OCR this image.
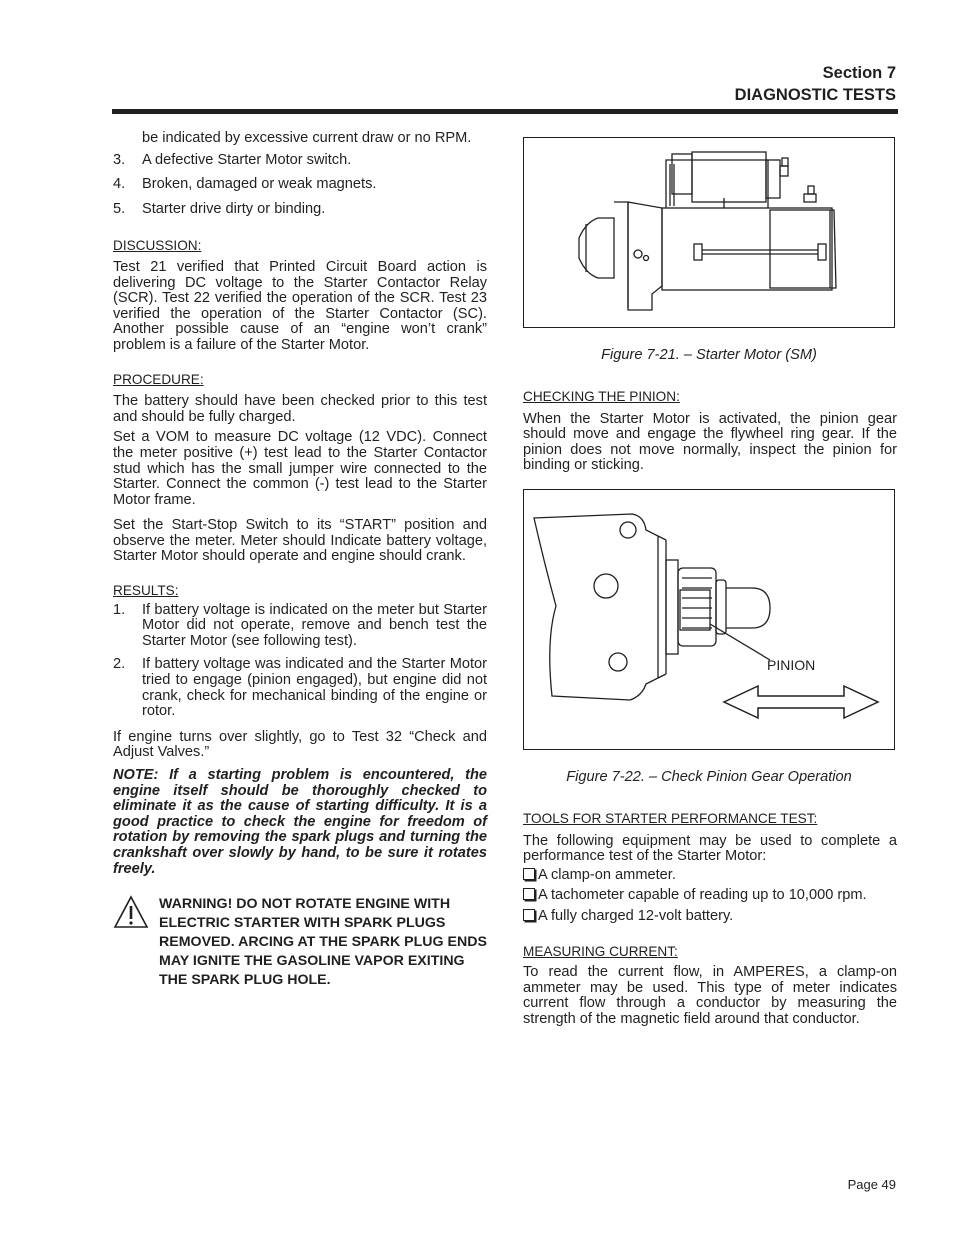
Section 7
DIAGNOSTIC TESTS

be indicated by excessive current draw or no RPM.

3. A defective Starter Motor switch.
4. Broken, damaged or weak magnets.
5. Starter drive dirty or binding.
DISCUSSION:

Test 21 verified that Printed Circuit Board action is delivering DC voltage to the Starter Contactor Relay (SCR). Test 22 verified the operation of the SCR. Test 23 verified the operation of the Starter Contactor (SC). Another possible cause of an “engine won’t crank” problem is a failure of the Starter Motor.

PROCEDURE:

The battery should have been checked prior to this test and should be fully charged.

Set a VOM to measure DC voltage (12 VDC). Connect the meter positive (+) test lead to the Starter Contactor stud which has the small jumper wire connected to the Starter. Connect the common (-) test lead to the Starter Motor frame.

Set the Start-Stop Switch to its “START” position and observe the meter. Meter should Indicate battery voltage, Starter Motor should operate and engine should crank.

RESULTS:
1. If battery voltage is indicated on the meter but Starter Motor did not operate, remove and bench test the Starter Motor (see following test).

2. If battery voltage was indicated and the Starter Motor tried to engage (pinion engaged), but engine did not crank, check for mechanical binding of the engine or rotor.

If engine turns over slightly, go to Test 32 “Check and Adjust Valves.”

NOTE: If a starting problem is encountered, the engine itself should be thoroughly checked to eliminate it as the cause of starting difficulty. It is a good practice to check the engine for freedom of rotation by removing the spark plugs and turning the crankshaft over slowly by hand, to be sure it rotates freely.

WARNING! DO NOT ROTATE ENGINE WITH ELECTRIC STARTER WITH SPARK PLUGS REMOVED. ARCING AT THE SPARK PLUG ENDS MAY IGNITE THE GASOLINE VAPOR EXITING THE SPARK PLUG HOLE.
Figure 7-21. – Starter Motor (SM)
CHECKING THE PINION:

When the Starter Motor is activated, the pinion gear should move and engage the flywheel ring gear. If the pinion does not move normally, inspect the pinion for binding or sticking.

PINION
Figure 7-22. – Check Pinion Gear Operation
TOOLS FOR STARTER PERFORMANCE TEST:

The following equipment may be used to complete a performance test of the Starter Motor:

A clamp-on ammeter.
A tachometer capable of reading up to 10,000 rpm.
A fully charged 12-volt battery.
MEASURING CURRENT:

To read the current flow, in AMPERES, a clamp-on ammeter may be used. This type of meter indicates current flow through a conductor by measuring the strength of the magnetic field around that conductor.

Page 49
